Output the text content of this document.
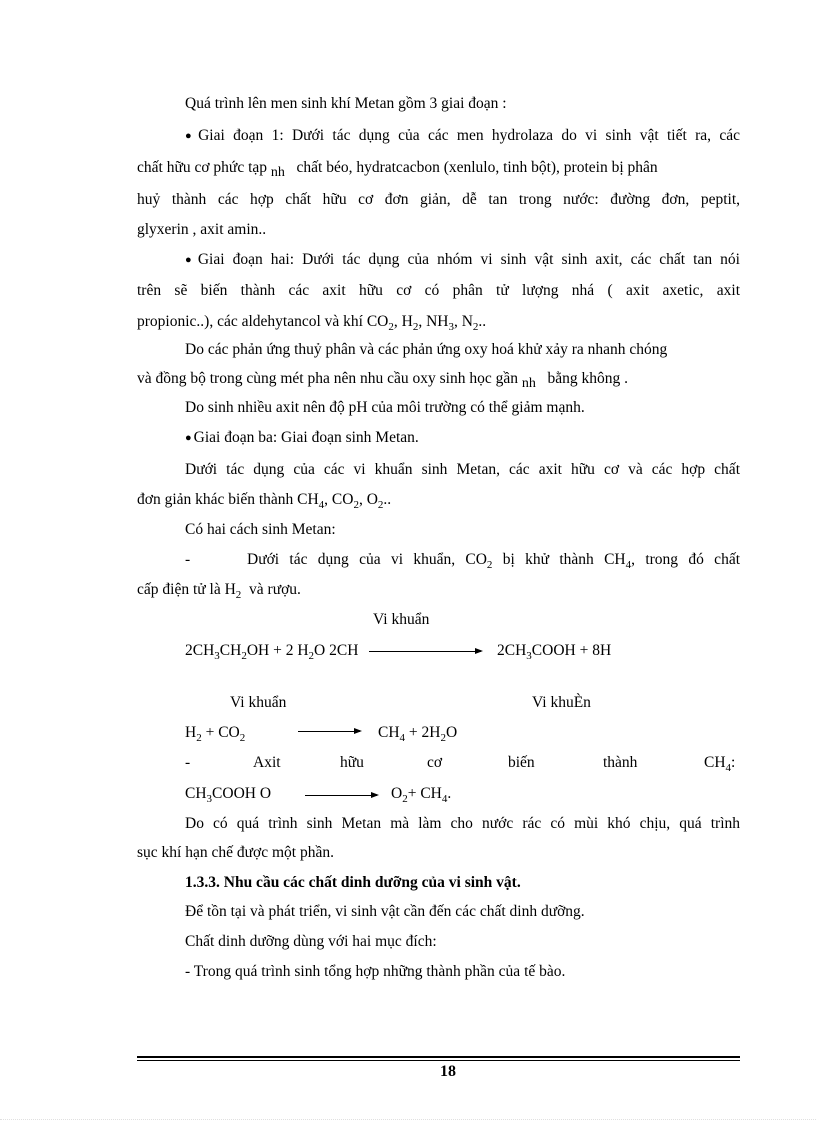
Quá trình lên men sinh khí Metan gồm 3 giai đoạn :
● Giai đoạn 1: Dưới tác dụng của các men hydrolaza do vi sinh vật tiết ra, các
chất hữu cơ phức tạp nh chất béo, hydratcacbon (xenlulo, tinh bột), protein bị phân
huỷ thành các hợp chất hữu cơ đơn giản, dễ tan trong nước: đường đơn, peptit,
glyxerin , axit amin..
● Giai đoạn hai: Dưới tác dụng của nhóm vi sinh vật sinh axit, các chất tan nói
trên sẽ biến thành các axit hữu cơ có phân tử lượng nhá ( axit axetic, axit
propionic..), các aldehytancol và khí $CO_2$, $H_2$, $NH_3$, $N_2$..
Do các phản ứng thuỷ phân và các phản ứng oxy hoá khử xảy ra nhanh chóng
và đồng bộ trong cùng mét pha nên nhu cầu oxy sinh học gần nh bằng không .
Do sinh nhiều axit nên độ pH của môi trường có thể giảm mạnh.
● Giai đoạn ba: Giai đoạn sinh Metan.
Dưới tác dụng của các vi khuẩn sinh Metan, các axit hữu cơ và các hợp chất
đơn giản khác biến thành $CH_4$, $CO_2$, $O_2$..
Có hai cách sinh Metan:
-	Dưới tác dụng của vi khuẩn, $CO_2$ bị khử thành $CH_4$, trong đó chất
cấp điện tử là $H_2$ và rượu.
Vi khuẩn
$2CH_3CH_2OH + 2$ $H_2O$ 2CH	$2CH_3COOH + 8H$
Vi khuẩn	Vi khuÈn
$H_2 + CO_2 \to CH_4 + 2H_2O$
-	Axit	hữu	cơ	biến	thành	$CH_4$:
$CH_3COOH$ O	$O_2+ CH_4$.
Do có quá trình sinh Metan mà làm cho nước rác có mùi khó chịu, quá trình
sục khí hạn chế được một phần.
1.3.3. Nhu cầu các chất dinh dưỡng của vi sinh vật.
Để tồn tại và phát triển, vi sinh vật cần đến các chất dinh dưỡng.
Chất dinh dưỡng dùng với hai mục đích:
- Trong quá trình sinh tổng hợp những thành phần của tế bào.
18
